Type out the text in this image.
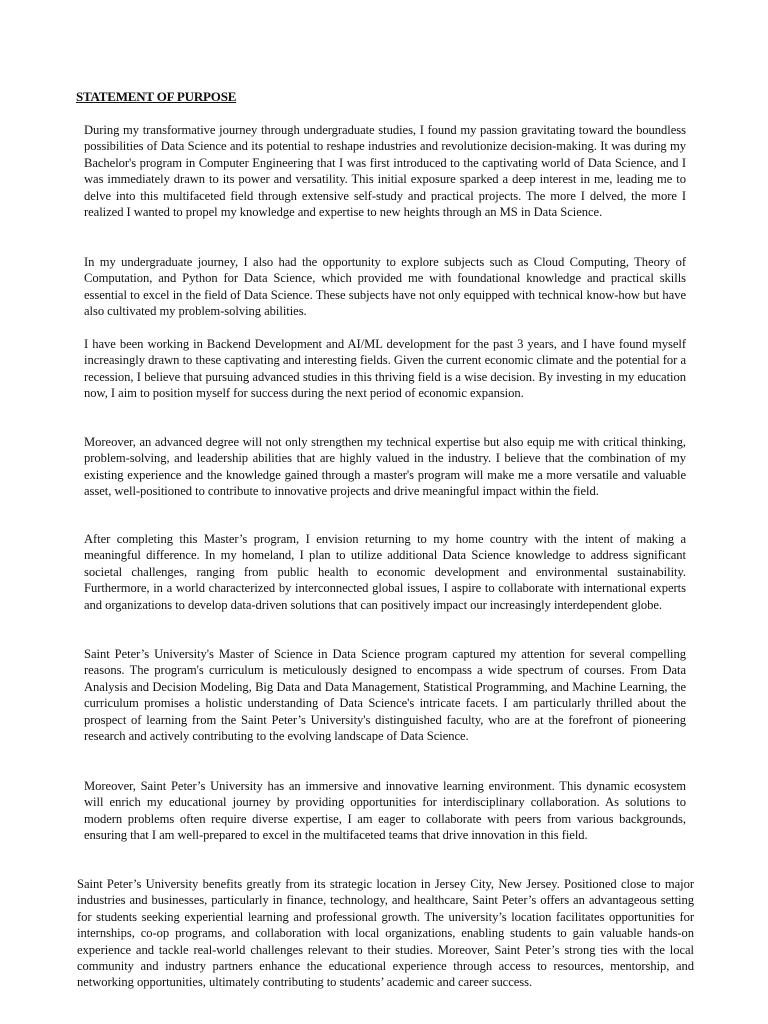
STATEMENT OF PURPOSE

During my transformative journey through undergraduate studies, I found my passion gravitating toward the boundless possibilities of Data Science and its potential to reshape industries and revolutionize decision-making. It was during my Bachelor's program in Computer Engineering that I was first introduced to the captivating world of Data Science, and I was immediately drawn to its power and versatility. This initial exposure sparked a deep interest in me, leading me to delve into this multifaceted field through extensive self-study and practical projects. The more I delved, the more I realized I wanted to propel my knowledge and expertise to new heights through an MS in Data Science.

In my undergraduate journey, I also had the opportunity to explore subjects such as Cloud Computing, Theory of Computation, and Python for Data Science, which provided me with foundational knowledge and practical skills essential to excel in the field of Data Science. These subjects have not only equipped with technical know-how but have also cultivated my problem-solving abilities.

I have been working in Backend Development and AI/ML development for the past 3 years, and I have found myself increasingly drawn to these captivating and interesting fields. Given the current economic climate and the potential for a recession, I believe that pursuing advanced studies in this thriving field is a wise decision. By investing in my education now, I aim to position myself for success during the next period of economic expansion.

Moreover, an advanced degree will not only strengthen my technical expertise but also equip me with critical thinking, problem-solving, and leadership abilities that are highly valued in the industry. I believe that the combination of my existing experience and the knowledge gained through a master's program will make me a more versatile and valuable asset, well-positioned to contribute to innovative projects and drive meaningful impact within the field.

After completing this Master’s program, I envision returning to my home country with the intent of making a meaningful difference. In my homeland, I plan to utilize additional Data Science knowledge to address significant societal challenges, ranging from public health to economic development and environmental sustainability. Furthermore, in a world characterized by interconnected global issues, I aspire to collaborate with international experts and organizations to develop data-driven solutions that can positively impact our increasingly interdependent globe.

Saint Peter’s University's Master of Science in Data Science program captured my attention for several compelling reasons. The program's curriculum is meticulously designed to encompass a wide spectrum of courses. From Data Analysis and Decision Modeling, Big Data and Data Management, Statistical Programming, and Machine Learning, the curriculum promises a holistic understanding of Data Science's intricate facets. I am particularly thrilled about the prospect of learning from the Saint Peter’s University's distinguished faculty, who are at the forefront of pioneering research and actively contributing to the evolving landscape of Data Science.

Moreover, Saint Peter’s University has an immersive and innovative learning environment. This dynamic ecosystem will enrich my educational journey by providing opportunities for interdisciplinary collaboration. As solutions to modern problems often require diverse expertise, I am eager to collaborate with peers from various backgrounds, ensuring that I am well-prepared to excel in the multifaceted teams that drive innovation in this field.

Saint Peter’s University benefits greatly from its strategic location in Jersey City, New Jersey. Positioned close to major industries and businesses, particularly in finance, technology, and healthcare, Saint Peter’s offers an advantageous setting for students seeking experiential learning and professional growth. The university’s location facilitates opportunities for internships, co-op programs, and collaboration with local organizations, enabling students to gain valuable hands-on experience and tackle real-world challenges relevant to their studies. Moreover, Saint Peter’s strong ties with the local community and industry partners enhance the educational experience through access to resources, mentorship, and networking opportunities, ultimately contributing to students’ academic and career success.
